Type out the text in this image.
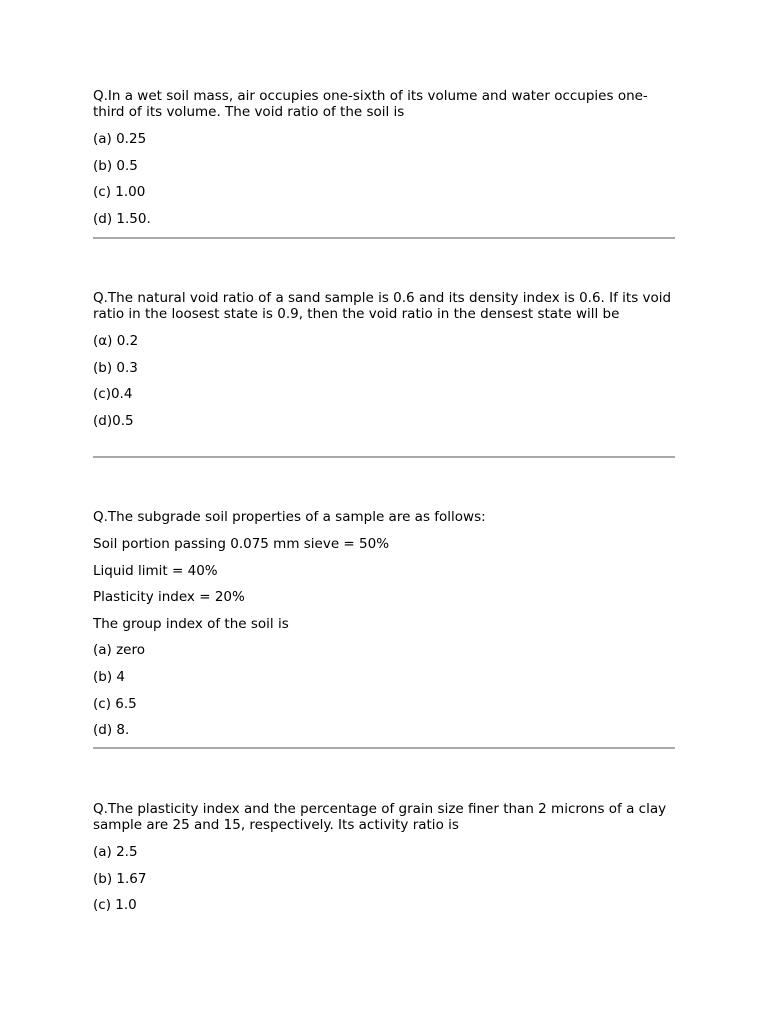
Q.In a wet soil mass, air occupies one-sixth of its volume and water occupies one- third of its volume. The void ratio of the soil is

(a) 0.25
(b) 0.5
(c) 1.00
(d) 1.50.

Q.The natural void ratio of a sand sample is 0.6 and its density index is 0.6. If its void ratio in the loosest state is 0.9, then the void ratio in the densest state will be

(α) 0.2
(b) 0.3
(c)0.4
(d)0.5

Q.The subgrade soil properties of a sample are as follows:

Soil portion passing 0.075 mm sieve = 50%
Liquid limit = 40%
Plasticity index = 20%
The group index of the soil is
(a) zero
(b) 4
(c) 6.5
(d) 8.

Q.The plasticity index and the percentage of grain size finer than 2 microns of a clay sample are 25 and 15, respectively. Its activity ratio is

(a) 2.5
(b) 1.67
(c) 1.0
